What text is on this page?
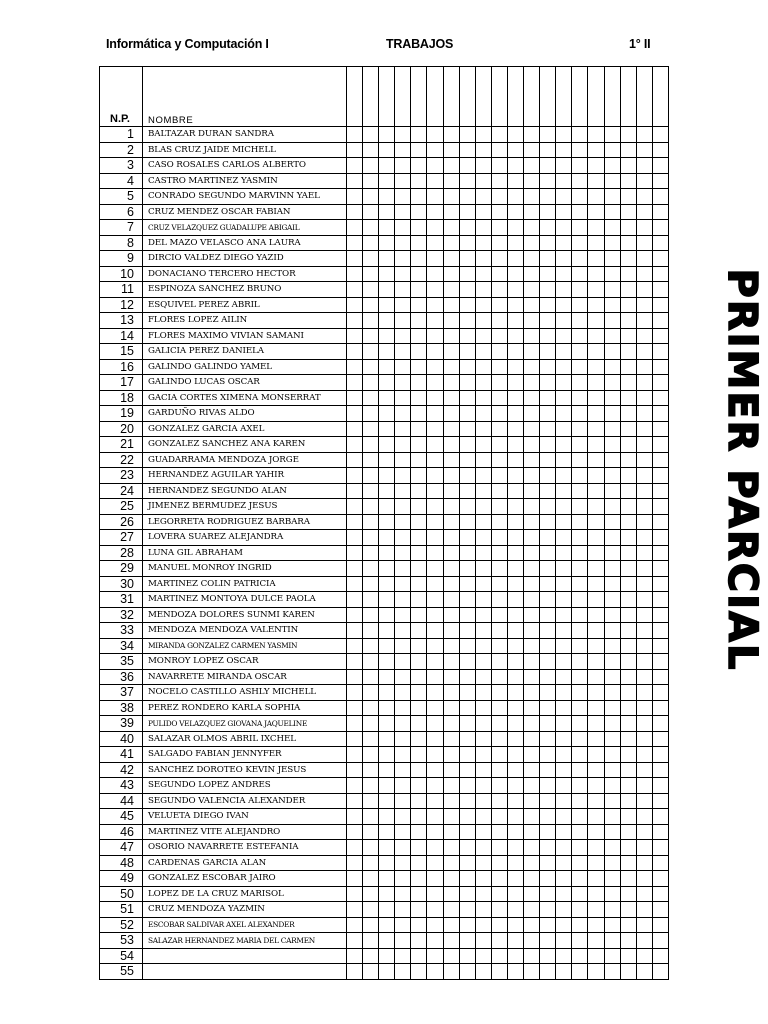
Informática y Computación I	TRABAJOS	1° II
N.P.	NOMBRE																				
1	BALTAZAR DURAN SANDRA																				
2	BLAS CRUZ JAIDE MICHELL																				
3	CASO ROSALES CARLOS ALBERTO																				
4	CASTRO MARTINEZ YASMIN																				
5	CONRADO SEGUNDO MARVINN YAEL																				
6	CRUZ MENDEZ OSCAR FABIAN																				
7	CRUZ VELAZQUEZ GUADALUPE ABIGAIL																				
8	DEL MAZO VELASCO ANA LAURA																				
9	DIRCIO VALDEZ DIEGO YAZID																				
10	DONACIANO TERCERO HECTOR																				
11	ESPINOZA SANCHEZ BRUNO																				
12	ESQUIVEL PEREZ ABRIL																				
13	FLORES LOPEZ AILIN																				
14	FLORES MAXIMO VIVIAN SAMANI																				
15	GALICIA PEREZ DANIELA																				
16	GALINDO GALINDO YAMEL																				
17	GALINDO LUCAS OSCAR																				
18	GACIA CORTES XIMENA MONSERRAT																				
19	GARDUÑO RIVAS ALDO																				
20	GONZALEZ GARCIA AXEL																				
21	GONZALEZ SANCHEZ ANA KAREN																				
22	GUADARRAMA MENDOZA JORGE																				
23	HERNANDEZ AGUILAR YAHIR																				
24	HERNANDEZ SEGUNDO ALAN																				
25	JIMENEZ BERMUDEZ JESUS																				
26	LEGORRETA RODRIGUEZ BARBARA																				
27	LOVERA SUAREZ ALEJANDRA																				
28	LUNA GIL ABRAHAM																				
29	MANUEL MONROY INGRID																				
30	MARTINEZ COLIN PATRICIA																				
31	MARTINEZ MONTOYA DULCE PAOLA																				
32	MENDOZA DOLORES SUNMI KAREN																				
33	MENDOZA MENDOZA VALENTIN																				
34	MIRANDA GONZALEZ CARMEN YASMIN																				
35	MONROY LOPEZ OSCAR																				
36	NAVARRETE MIRANDA OSCAR																				
37	NOCELO CASTILLO ASHLY MICHELL																				
38	PEREZ RONDERO KARLA SOPHIA																				
39	PULIDO VELAZQUEZ GIOVANA JAQUELINE																				
40	SALAZAR OLMOS ABRIL IXCHEL																				
41	SALGADO FABIAN JENNYFER																				
42	SANCHEZ DOROTEO KEVIN JESUS																				
43	SEGUNDO LOPEZ ANDRES																				
44	SEGUNDO VALENCIA ALEXANDER																				
45	VELUETA DIEGO IVAN																				
46	MARTINEZ VITE ALEJANDRO																				
47	OSORIO NAVARRETE ESTEFANIA																				
48	CARDENAS GARCIA ALAN																				
49	GONZALEZ ESCOBAR JAIRO																				
50	LOPEZ DE LA CRUZ MARISOL																				
51	CRUZ MENDOZA YAZMIN																				
52	ESCOBAR SALDIVAR AXEL ALEXANDER																				
53	SALAZAR HERNANDEZ MARIA DEL CARMEN																				
54																					
55																					
PRIMER PARCIAL
